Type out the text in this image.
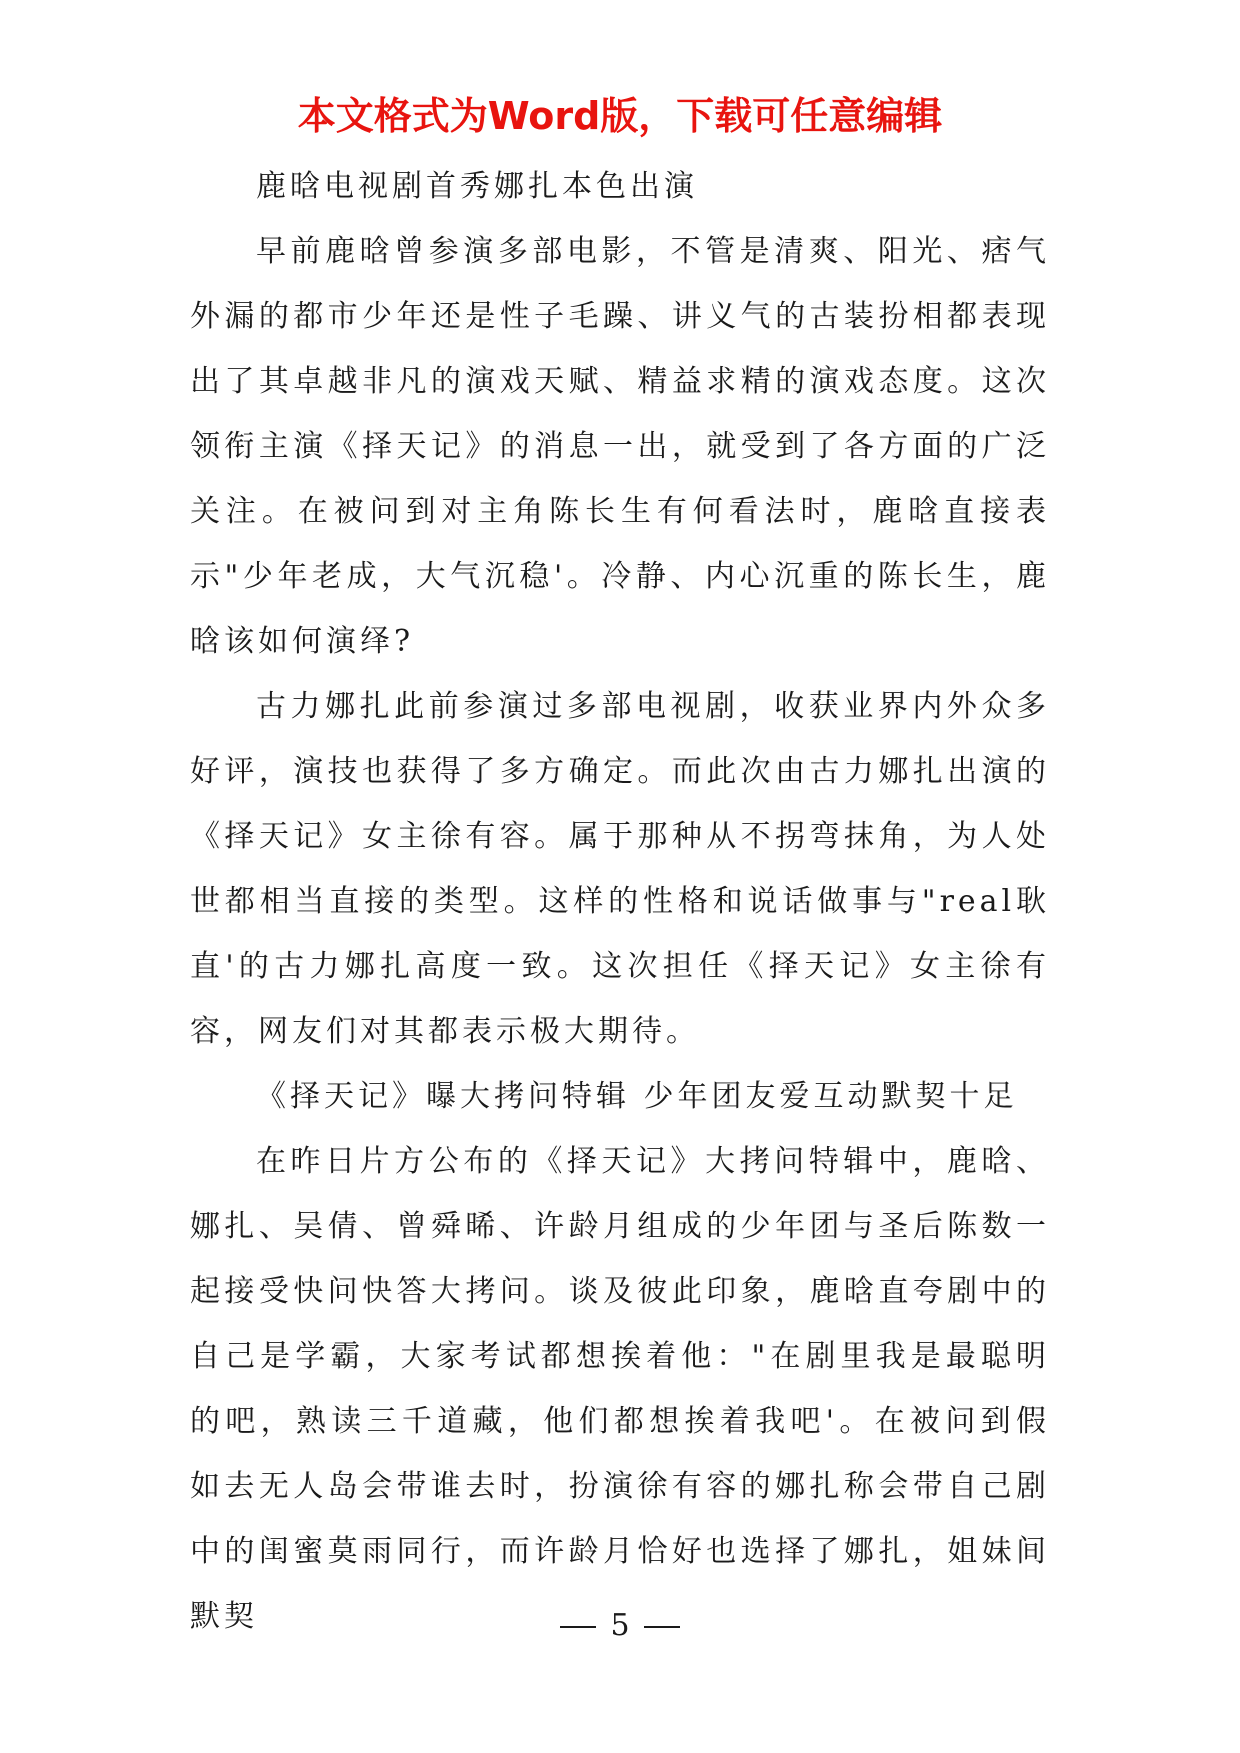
本文格式为Word版，下载可任意编辑

鹿晗电视剧首秀娜扎本色出演

早前鹿晗曾参演多部电影，不管是清爽、阳光、痞气外漏的都市少年还是性子毛躁、讲义气的古装扮相都表现出了其卓越非凡的演戏天赋、精益求精的演戏态度。这次领衔主演《择天记》的消息一出，就受到了各方面的广泛关注。在被问到对主角陈长生有何看法时，鹿晗直接表示"少年老成，大气沉稳'。冷静、内心沉重的陈长生，鹿晗该如何演绎?

古力娜扎此前参演过多部电视剧，收获业界内外众多好评，演技也获得了多方确定。而此次由古力娜扎出演的《择天记》女主徐有容。属于那种从不拐弯抹角，为人处世都相当直接的类型。这样的性格和说话做事与"real耿直'的古力娜扎高度一致。这次担任《择天记》女主徐有容，网友们对其都表示极大期待。

《择天记》曝大拷问特辑 少年团友爱互动默契十足

在昨日片方公布的《择天记》大拷问特辑中，鹿晗、娜扎、吴倩、曾舜晞、许龄月组成的少年团与圣后陈数一起接受快问快答大拷问。谈及彼此印象，鹿晗直夸剧中的自己是学霸，大家考试都想挨着他："在剧里我是最聪明的吧，熟读三千道藏，他们都想挨着我吧'。在被问到假如去无人岛会带谁去时，扮演徐有容的娜扎称会带自己剧中的闺蜜莫雨同行，而许龄月恰好也选择了娜扎，姐妹间默契	5
